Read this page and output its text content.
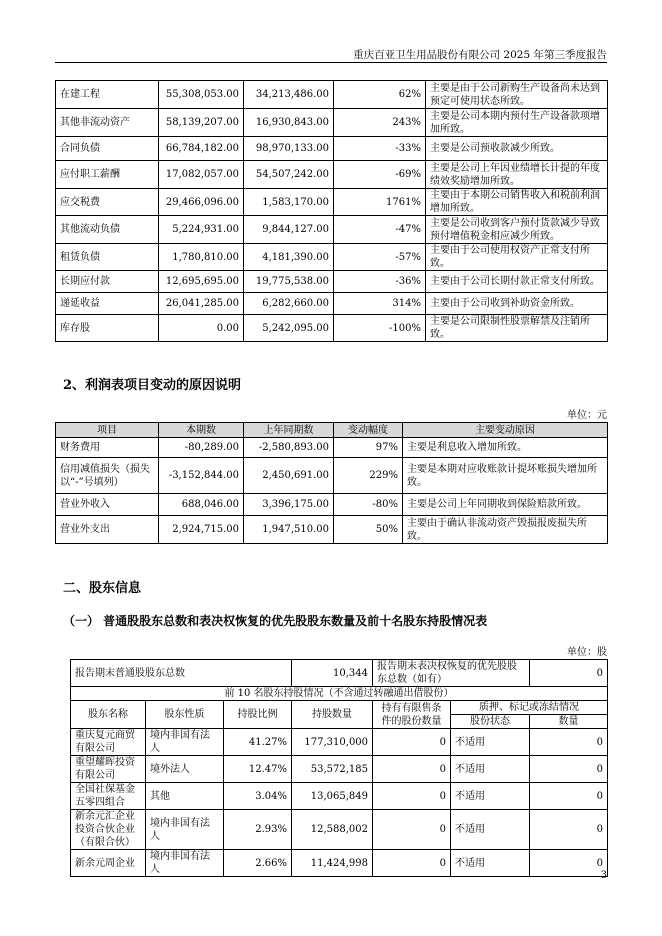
重庆百亚卫生用品股份有限公司 2025 年第三季度报告
在建工程	55,308,053.00	34,213,486.00	62%	主要是由于公司新购生产设备尚未达到预定可使用状态所致。
其他非流动资产	58,139,207.00	16,930,843.00	243%	主要是公司本期内预付生产设备款项增加所致。
合同负债	66,784,182.00	98,970,133.00	-33%	主要是公司预收款减少所致。
应付职工薪酬	17,082,057.00	54,507,242.00	-69%	主要是公司上年因业绩增长计提的年度绩效奖励增加所致。
应交税费	29,466,096.00	1,583,170.00	1761%	主要由于本期公司销售收入和税前利润增加所致。
其他流动负债	5,224,931.00	9,844,127.00	-47%	主要是公司收到客户预付货款减少导致预付增值税金相应减少所致。
租赁负债	1,780,810.00	4,181,390.00	-57%	主要由于公司使用权资产正常支付所致。
长期应付款	12,695,695.00	19,775,538.00	-36%	主要由于公司长期付款正常支付所致。
递延收益	26,041,285.00	6,282,660.00	314%	主要由于公司收到补助资金所致。
库存股	0.00	5,242,095.00	-100%	主要是公司限制性股票解禁及注销所致。
2、利润表项目变动的原因说明
单位：元
项目	本期数	上年同期数	变动幅度	主要变动原因
财务费用	-80,289.00	-2,580,893.00	97%	主要是利息收入增加所致。
信用减值损失（损失以“-”号填列）	-3,152,844.00	2,450,691.00	229%	主要是本期对应收账款计提坏账损失增加所致。
营业外收入	688,046.00	3,396,175.00	-80%	主要是公司上年同期收到保险赔款所致。
营业外支出	2,924,715.00	1,947,510.00	50%	主要由于确认非流动资产毁损报废损失所致。
二、股东信息
（一） 普通股股东总数和表决权恢复的优先股股东数量及前十名股东持股情况表
单位：股
报告期末普通股股东总数			10,344	报告期末表决权恢复的优先股股东总数（如有）		0
前 10 名股东持股情况（不含通过转融通出借股份）						
股东名称	股东性质	持股比例	持股数量	持有有限售条件的股份数量	质押、标记或冻结情况	
					股份状态	数量
重庆复元商贸有限公司	境内非国有法人	41.27%	177,310,000	0	不适用	0
重望耀晖投资有限公司	境外法人	12.47%	53,572,185	0	不适用	0
全国社保基金五零四组合	其他	3.04%	13,065,849	0	不适用	0
新余元汇企业投资合伙企业（有限合伙）	境内非国有法人	2.93%	12,588,002	0	不适用	0
新余元周企业	境内非国有法人	2.66%	11,424,998	0	不适用	0
3
